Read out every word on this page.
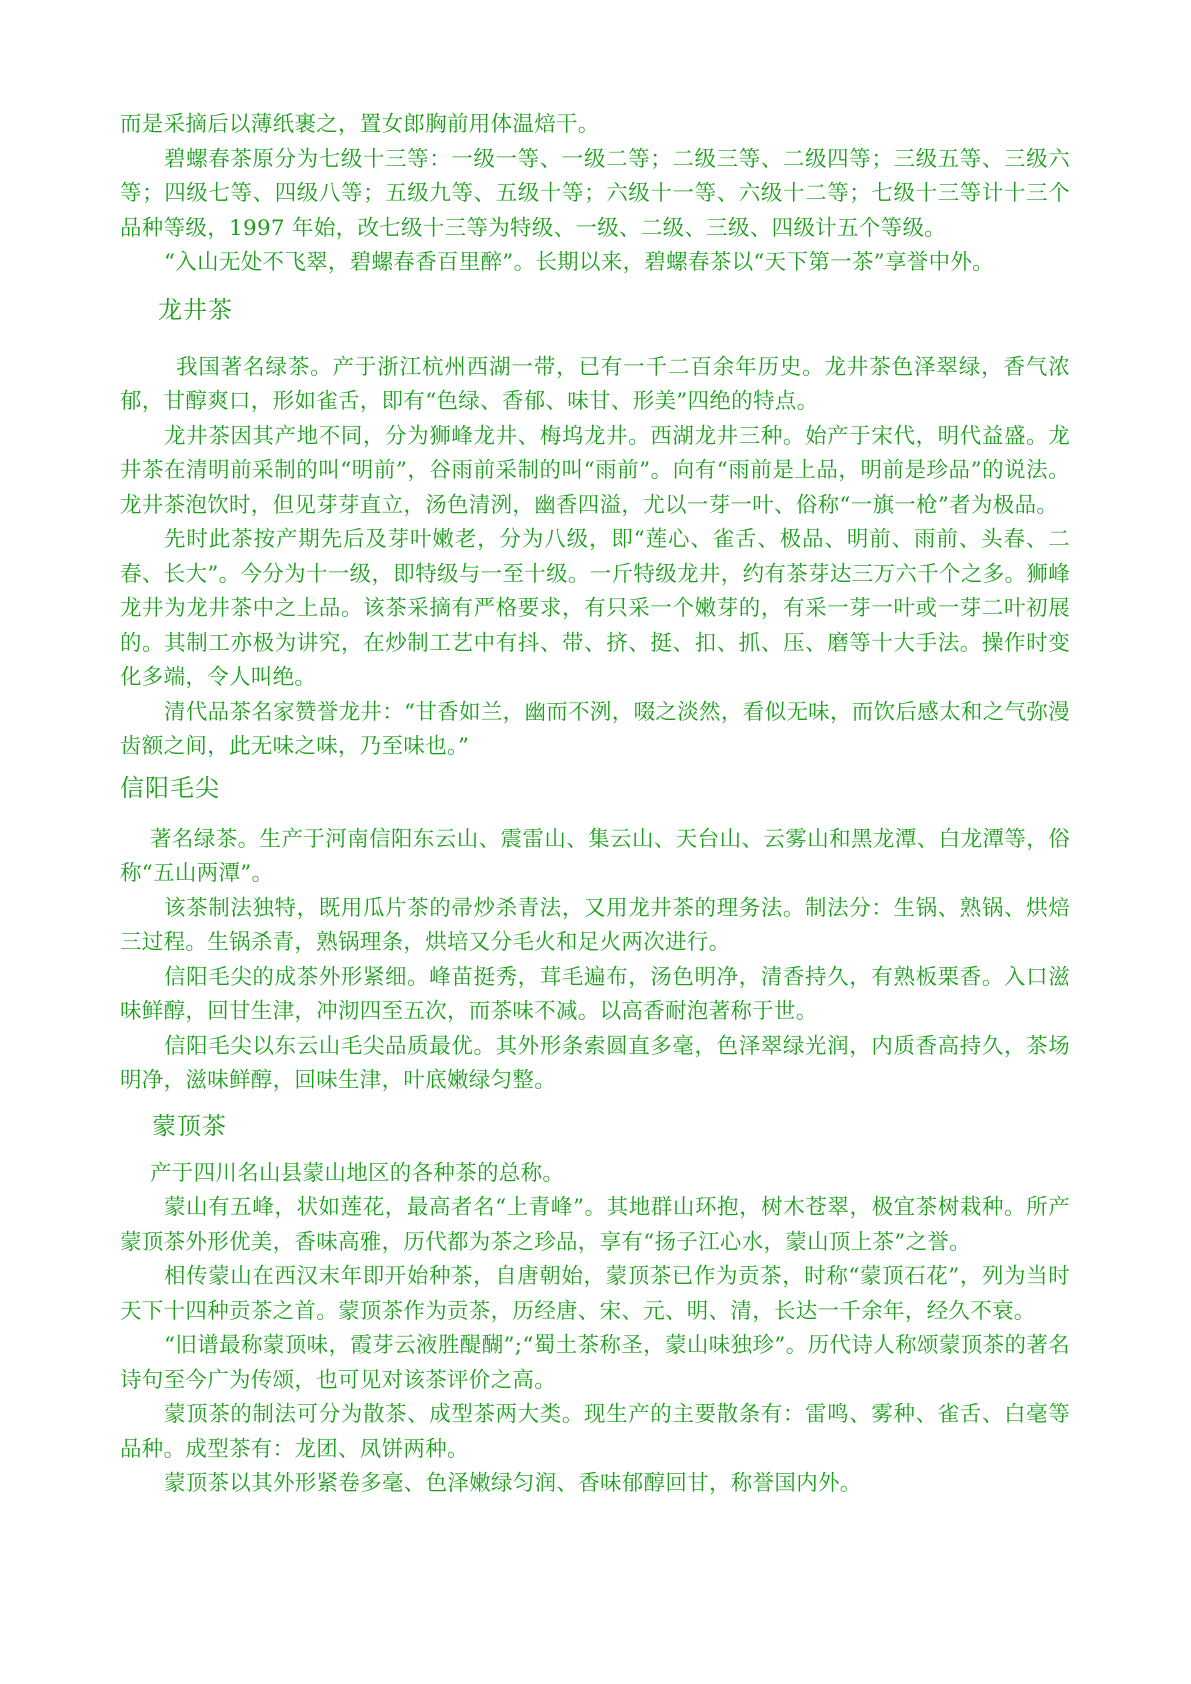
而是采摘后以薄纸裹之，置女郎胸前用体温焙干。

碧螺春茶原分为七级十三等：一级一等、一级二等；二级三等、二级四等；三级五等、三级六等；四级七等、四级八等；五级九等、五级十等；六级十一等、六级十二等；七级十三等计十三个品种等级，1997 年始，改七级十三等为特级、一级、二级、三级、四级计五个等级。

“入山无处不飞翠，碧螺春香百里醉”。长期以来，碧螺春茶以“天下第一茶”享誉中外。

龙井茶

我国著名绿茶。产于浙江杭州西湖一带，已有一千二百余年历史。龙井茶色泽翠绿，香气浓郁，甘醇爽口，形如雀舌，即有“色绿、香郁、味甘、形美”四绝的特点。

龙井茶因其产地不同，分为狮峰龙井、梅坞龙井。西湖龙井三种。始产于宋代，明代益盛。龙井茶在清明前采制的叫“明前”，谷雨前采制的叫“雨前”。向有“雨前是上品，明前是珍品”的说法。龙井茶泡饮时，但见芽芽直立，汤色清洌，幽香四溢，尤以一芽一叶、俗称“一旗一枪”者为极品。

先时此茶按产期先后及芽叶嫩老，分为八级，即“莲心、雀舌、极品、明前、雨前、头春、二春、长大”。今分为十一级，即特级与一至十级。一斤特级龙井，约有茶芽达三万六千个之多。狮峰龙井为龙井茶中之上品。该茶采摘有严格要求，有只采一个嫩芽的，有采一芽一叶或一芽二叶初展的。其制工亦极为讲究，在炒制工艺中有抖、带、挤、挺、扣、抓、压、磨等十大手法。操作时变化多端，令人叫绝。

清代品茶名家赞誉龙井：“甘香如兰，幽而不洌，啜之淡然，看似无味，而饮后感太和之气弥漫齿额之间，此无味之味，乃至味也。”

信阳毛尖

著名绿茶。生产于河南信阳东云山、震雷山、集云山、天台山、云雾山和黑龙潭、白龙潭等，俗称“五山两潭”。

该茶制法独特，既用瓜片茶的帚炒杀青法，又用龙井茶的理务法。制法分：生锅、熟锅、烘焙三过程。生锅杀青，熟锅理条，烘培又分毛火和足火两次进行。

信阳毛尖的成茶外形紧细。峰苗挺秀，茸毛遍布，汤色明净，清香持久，有熟板栗香。入口滋味鲜醇，回甘生津，冲沏四至五次，而茶味不减。以高香耐泡著称于世。

信阳毛尖以东云山毛尖品质最优。其外形条索圆直多毫，色泽翠绿光润，内质香高持久，茶场明净，滋味鲜醇，回味生津，叶底嫩绿匀整。

蒙顶茶

产于四川名山县蒙山地区的各种茶的总称。

蒙山有五峰，状如莲花，最高者名“上青峰”。其地群山环抱，树木苍翠，极宜茶树栽种。所产蒙顶茶外形优美，香味高雅，历代都为茶之珍品，享有“扬子江心水，蒙山顶上茶”之誉。

相传蒙山在西汉末年即开始种茶，自唐朝始，蒙顶茶已作为贡茶，时称“蒙顶石花”，列为当时天下十四种贡茶之首。蒙顶茶作为贡茶，历经唐、宋、元、明、清，长达一千余年，经久不衰。

“旧谱最称蒙顶味，霞芽云液胜醍醐”;“蜀土茶称圣，蒙山味独珍”。历代诗人称颂蒙顶茶的著名诗句至今广为传颂，也可见对该茶评价之高。

蒙顶茶的制法可分为散茶、成型茶两大类。现生产的主要散条有：雷鸣、雾种、雀舌、白毫等品种。成型茶有：龙团、凤饼两种。

蒙顶茶以其外形紧卷多毫、色泽嫩绿匀润、香味郁醇回甘，称誉国内外。
